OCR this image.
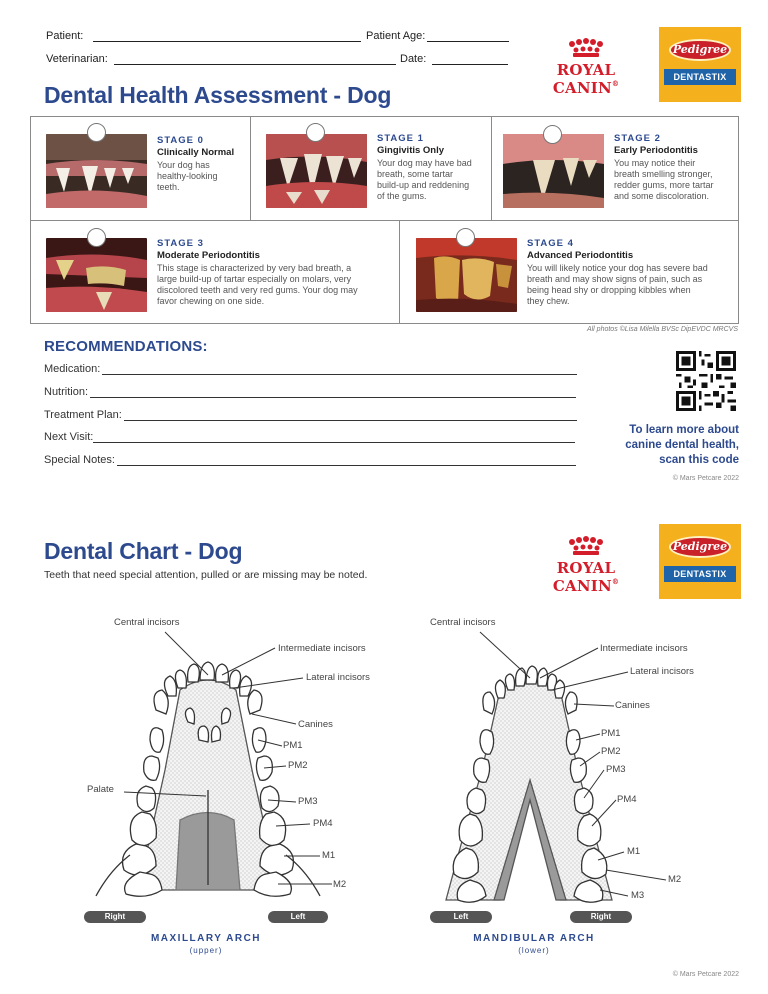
Patient:	Patient Age:
Veterinarian:	Date:
ROYAL CANIN®
Pedigree
DENTASTIX
Dental Health Assessment - Dog
STAGE 0
Clinically Normal
Your dog has
healthy-looking
teeth.
STAGE 1
Gingivitis Only
Your dog may have bad
breath, some tartar
build-up and reddening
of the gums.
STAGE 2
Early Periodontitis
You may notice their
breath smelling stronger,
redder gums, more tartar
and some discoloration.
STAGE 3
Moderate Periodontitis
This stage is characterized by very bad breath, a
large build-up of tartar especially on molars, very
discolored teeth and very red gums. Your dog may
favor chewing on one side.
STAGE 4
Advanced Periodontitis
You will likely notice your dog has severe bad
breath and may show signs of pain, such as
being head shy or dropping kibbles when
they chew.
All photos ©Lisa Milella BVSc DipEVDC MRCVS
RECOMMENDATIONS:
Medication:
Nutrition:
Treatment Plan:
Next Visit:
Special Notes:
To learn more about
canine dental health,
scan this code
© Mars Petcare 2022
ROYAL CANIN®
Pedigree
DENTASTIX
Dental Chart - Dog
Teeth that need special attention, pulled or are missing may be noted.
Central incisors
Intermediate incisors
Lateral incisors
Canines
PM1
PM2
Palate
PM3
PM4
M1
M2
Right	Left
MAXILLARY ARCH
(upper)
Central incisors
Intermediate incisors
Lateral incisors
Canines
PM1
PM2
PM3
PM4
M1
M2
M3
Left	Right
MANDIBULAR ARCH
(lower)
© Mars Petcare 2022
